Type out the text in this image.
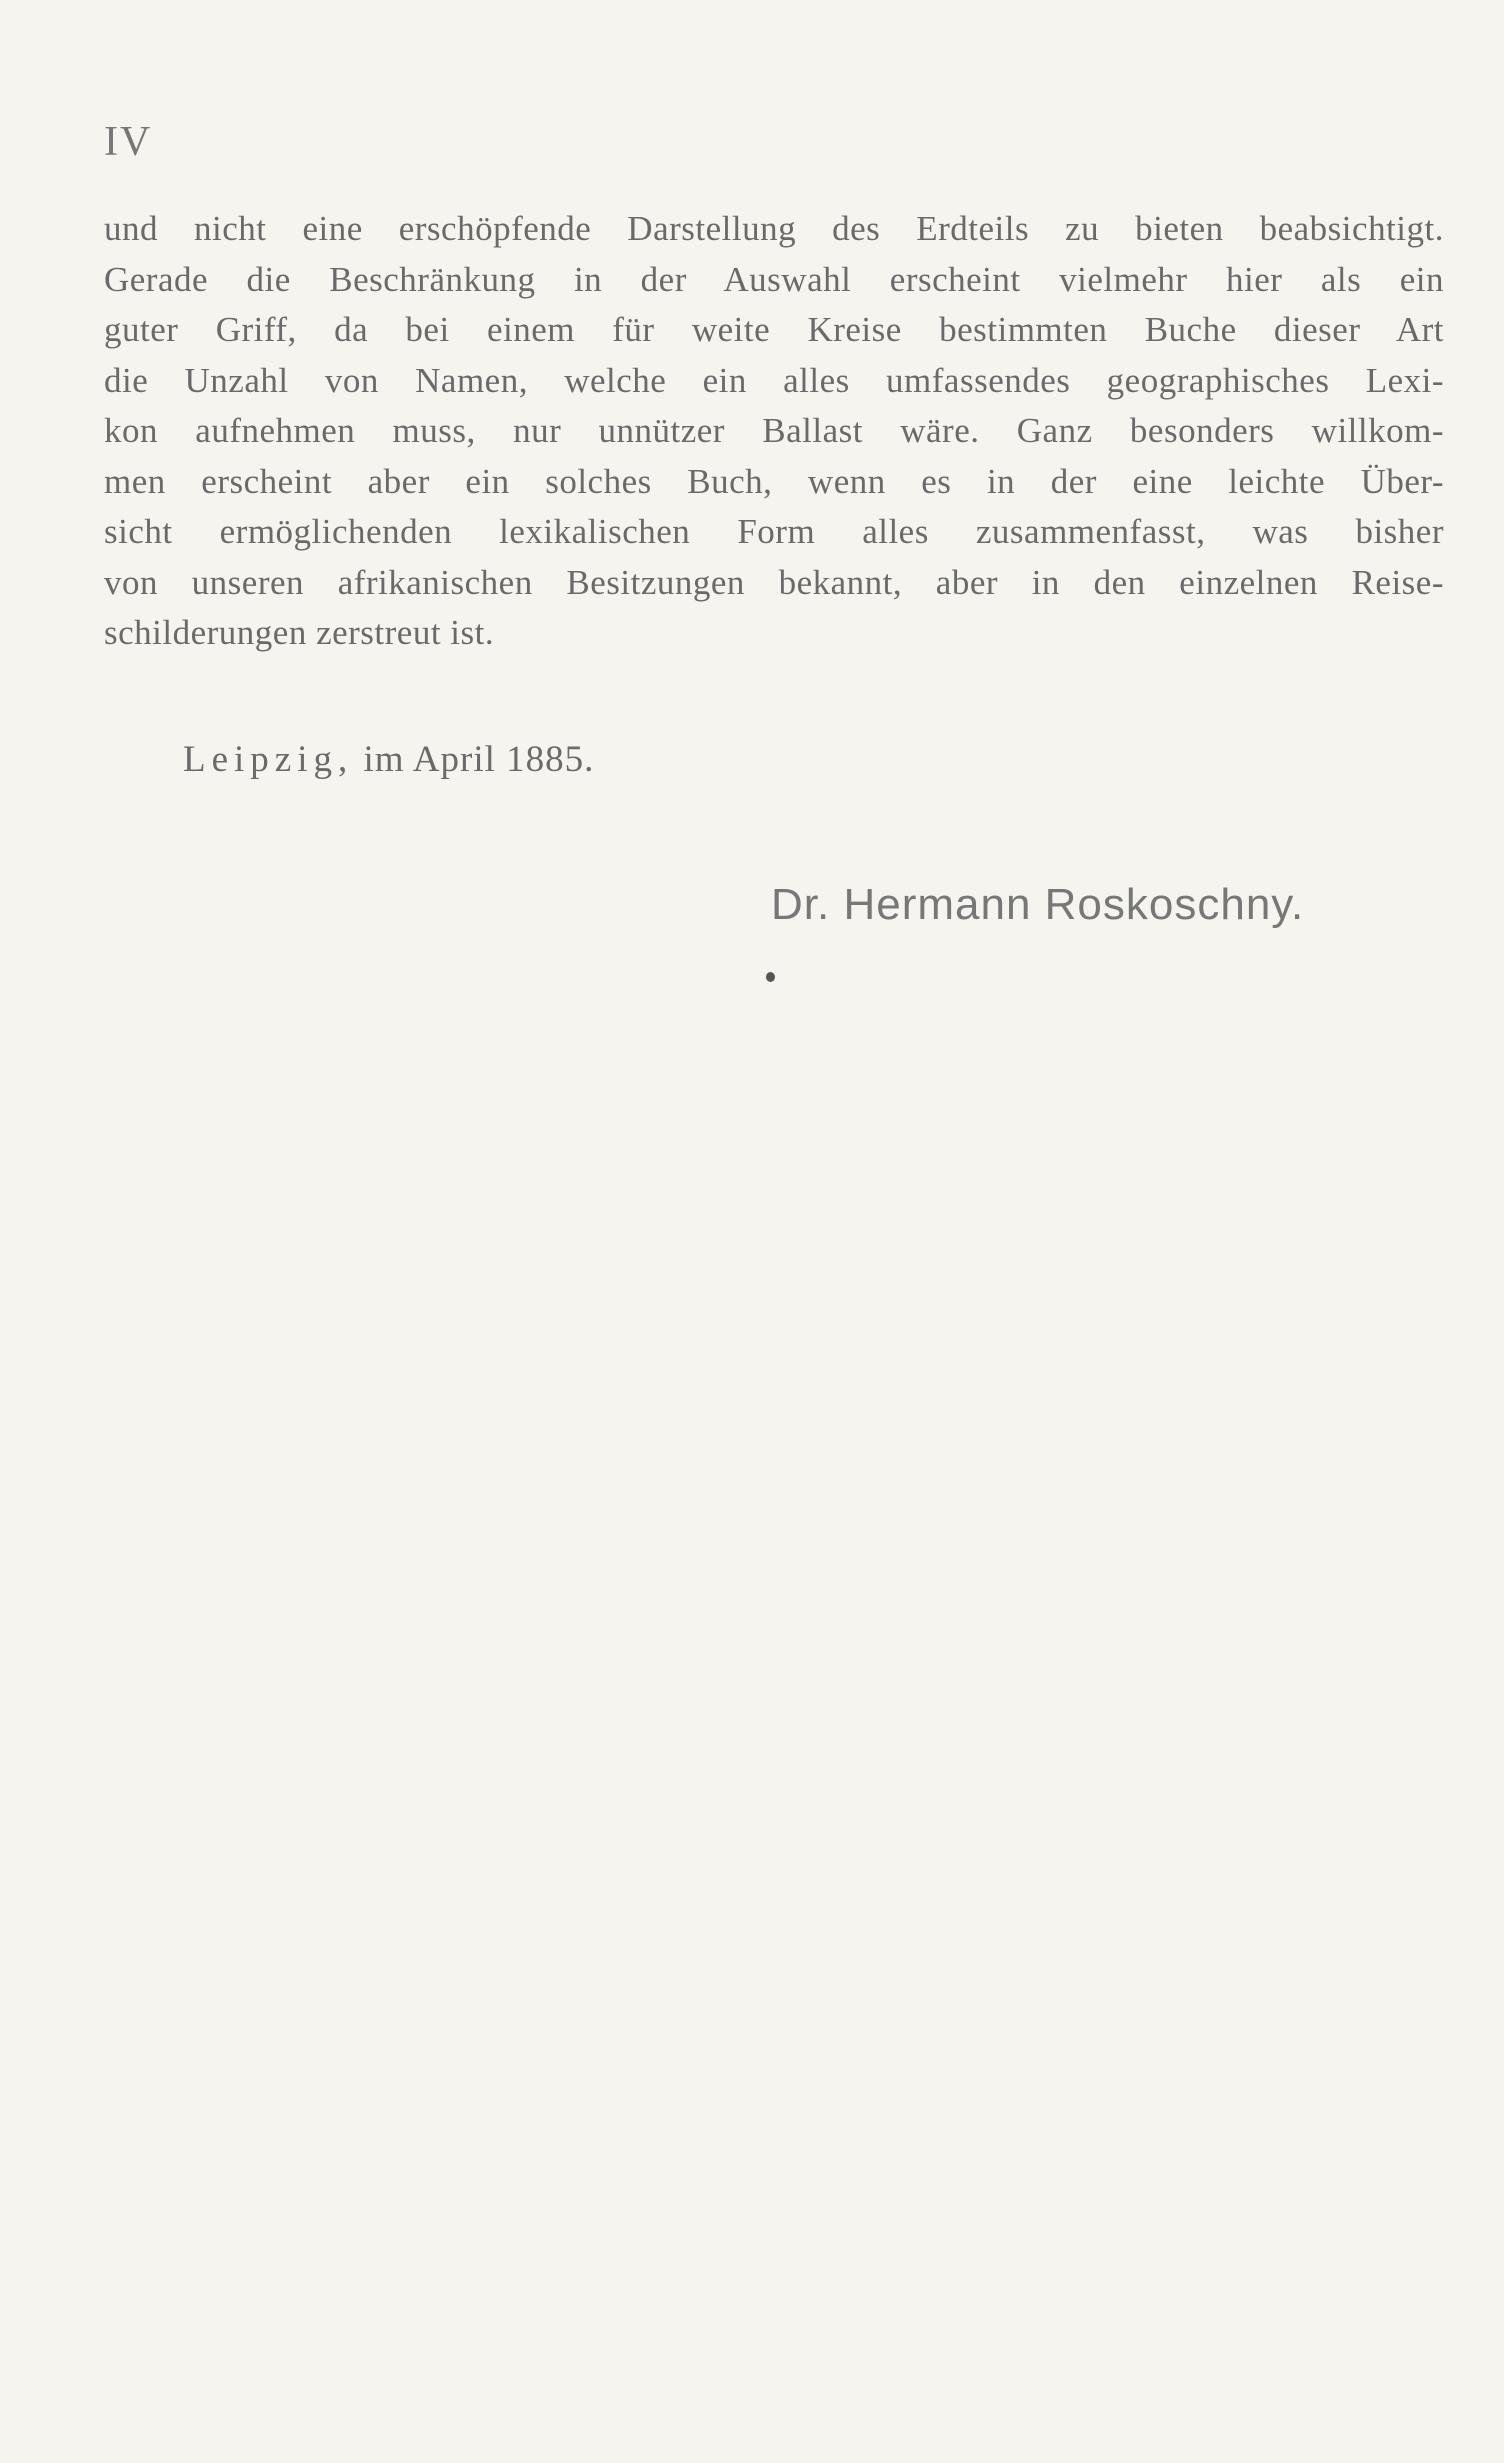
IV
und nicht eine erschöpfende Darstellung des Erdteils zu bieten beabsichtigt.
Gerade die Beschränkung in der Auswahl erscheint vielmehr hier als ein
guter Griff, da bei einem für weite Kreise bestimmten Buche dieser Art
die Unzahl von Namen, welche ein alles umfassendes geographisches Lexi-
kon aufnehmen muss, nur unnützer Ballast wäre. Ganz besonders willkom-
men erscheint aber ein solches Buch, wenn es in der eine leichte Über-
sicht ermöglichenden lexikalischen Form alles zusammenfasst, was bisher
von unseren afrikanischen Besitzungen bekannt, aber in den einzelnen Reise-
schilderungen zerstreut ist.
Leipzig, im April 1885.
Dr. Hermann Roskoschny.
